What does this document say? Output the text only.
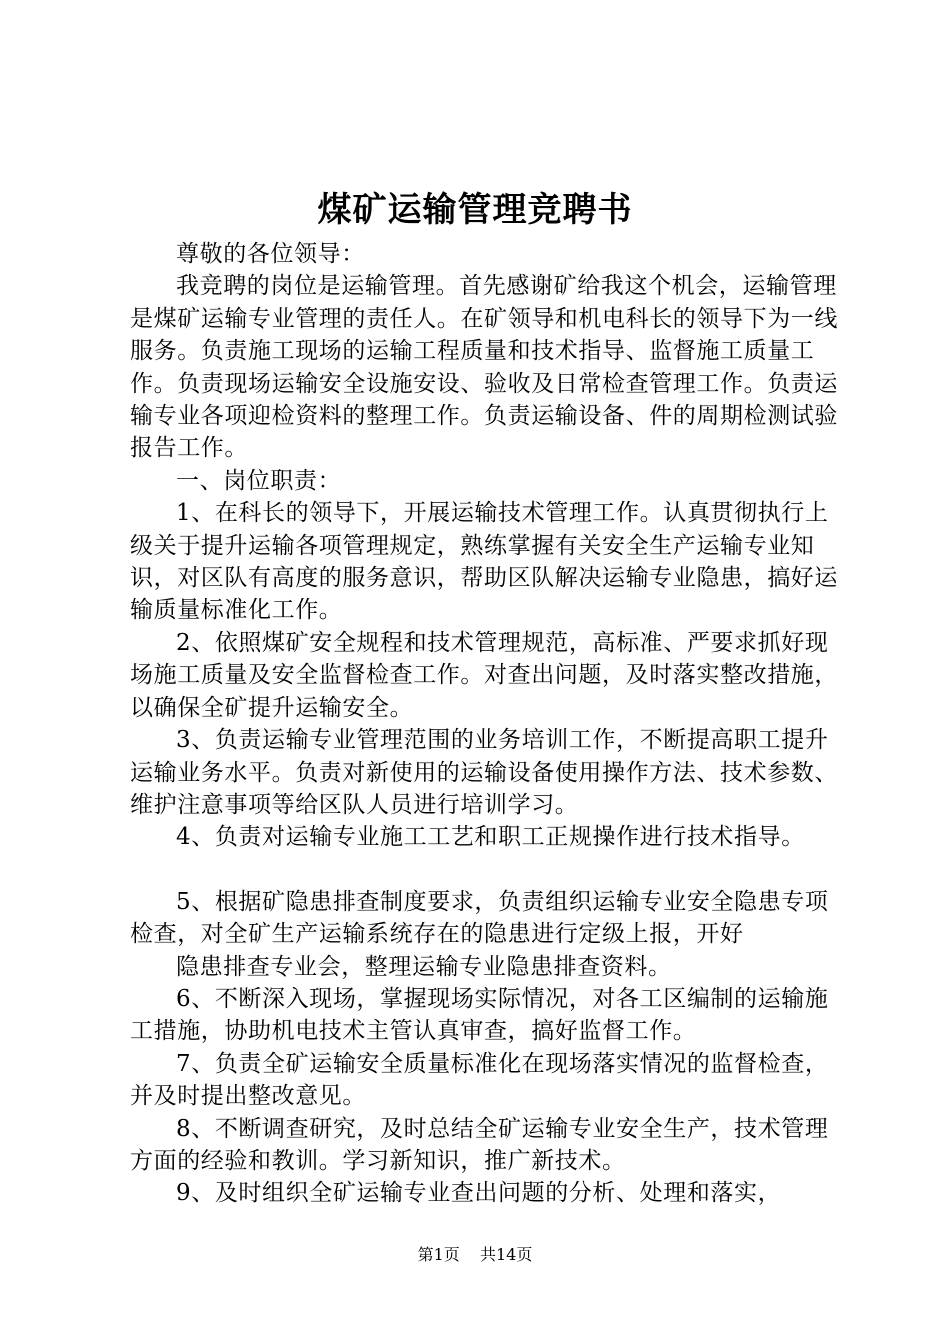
煤矿运输管理竞聘书

尊敬的各位领导：

我竞聘的岗位是运输管理。首先感谢矿给我这个机会，运输管理是煤矿运输专业管理的责任人。在矿领导和机电科长的领导下为一线服务。负责施工现场的运输工程质量和技术指导、监督施工质量工作。负责现场运输安全设施安设、验收及日常检查管理工作。负责运输专业各项迎检资料的整理工作。负责运输设备、件的周期检测试验报告工作。

一、岗位职责：

1、在科长的领导下，开展运输技术管理工作。认真贯彻执行上级关于提升运输各项管理规定，熟练掌握有关安全生产运输专业知识，对区队有高度的服务意识，帮助区队解决运输专业隐患，搞好运输质量标准化工作。

2、依照煤矿安全规程和技术管理规范，高标准、严要求抓好现场施工质量及安全监督检查工作。对查出问题，及时落实整改措施，以确保全矿提升运输安全。

3、负责运输专业管理范围的业务培训工作，不断提高职工提升运输业务水平。负责对新使用的运输设备使用操作方法、技术参数、维护注意事项等给区队人员进行培训学习。

4、负责对运输专业施工工艺和职工正规操作进行技术指导。

5、根据矿隐患排查制度要求，负责组织运输专业安全隐患专项检查，对全矿生产运输系统存在的隐患进行定级上报，开好

隐患排查专业会，整理运输专业隐患排查资料。

6、不断深入现场，掌握现场实际情况，对各工区编制的运输施工措施，协助机电技术主管认真审查，搞好监督工作。

7、负责全矿运输安全质量标准化在现场落实情况的监督检查，并及时提出整改意见。

8、不断调查研究，及时总结全矿运输专业安全生产，技术管理方面的经验和教训。学习新知识，推广新技术。

9、及时组织全矿运输专业查出问题的分析、处理和落实，

第1页 共14页
